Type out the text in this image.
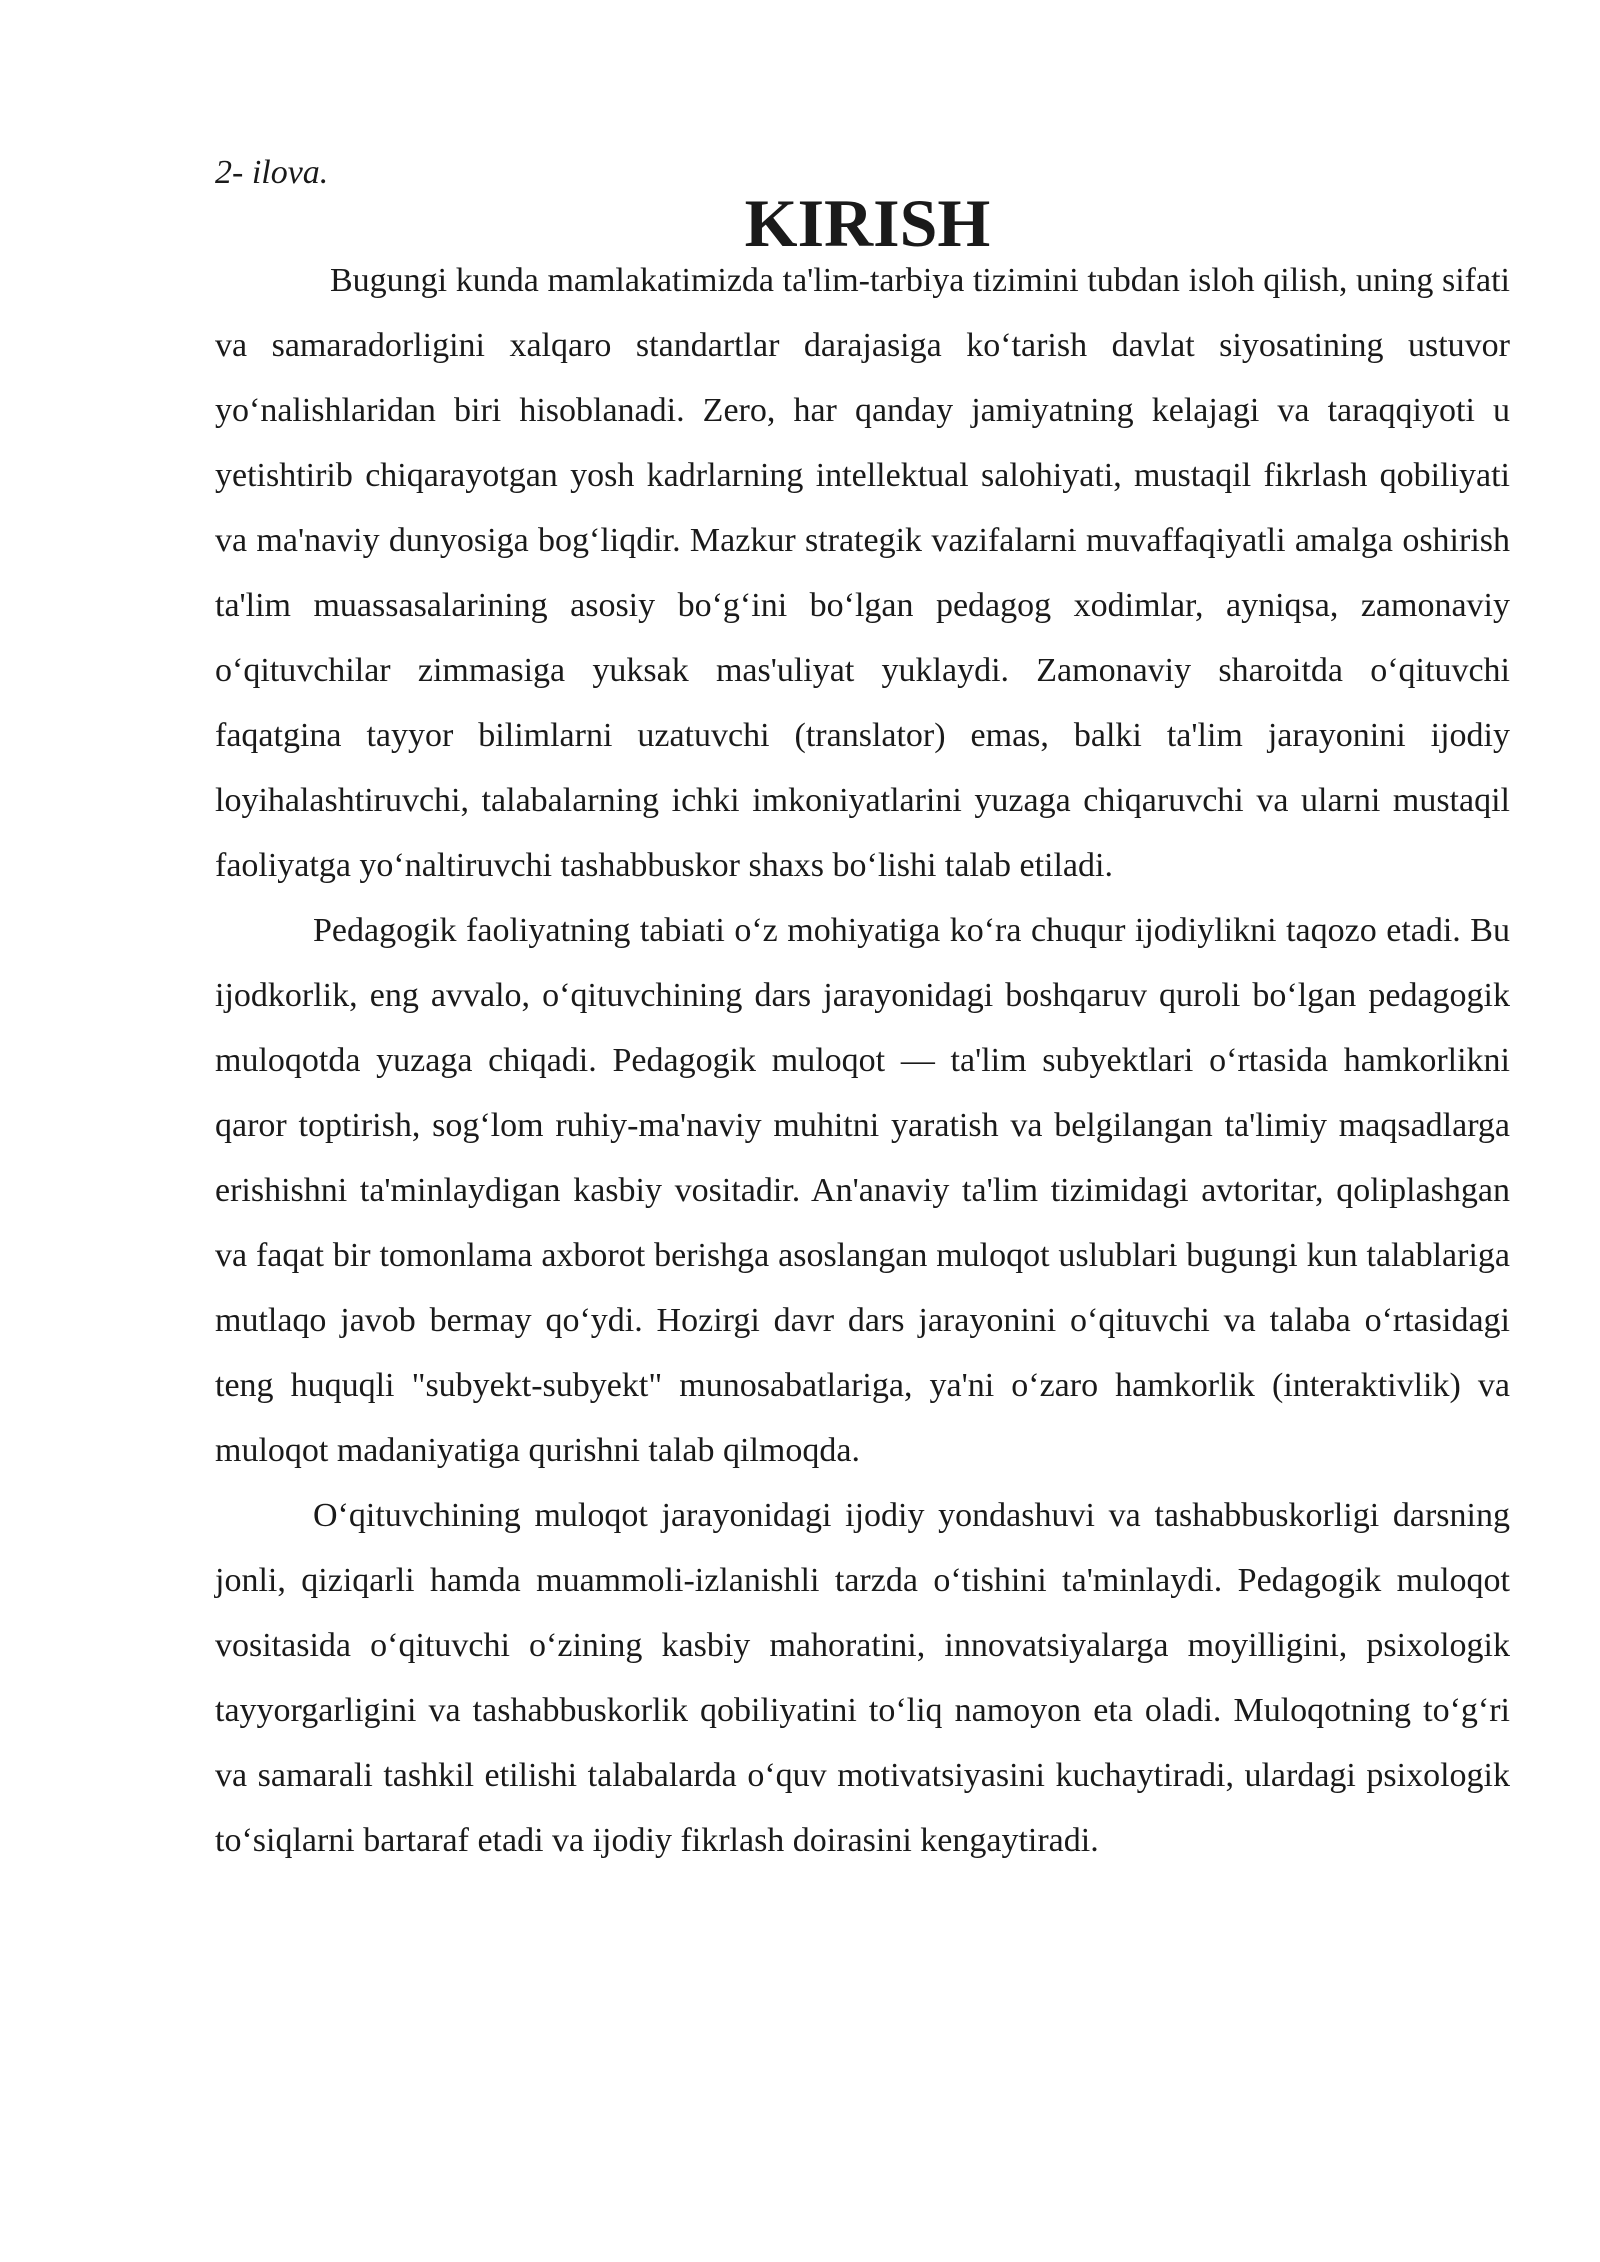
2- ilova.

KIRISH

Bugungi kunda mamlakatimizda ta'lim-tarbiya tizimini tubdan isloh qilish, uning sifati va samaradorligini xalqaro standartlar darajasiga koʻtarish davlat siyosatining ustuvor yoʻnalishlaridan biri hisoblanadi. Zero, har qanday jamiyatning kelajagi va taraqqiyoti u yetishtirib chiqarayotgan yosh kadrlarning intellektual salohiyati, mustaqil fikrlash qobiliyati va ma'naviy dunyosiga bogʻliqdir. Mazkur strategik vazifalarni muvaffaqiyatli amalga oshirish ta'lim muassasalarining asosiy boʻgʻini boʻlgan pedagog xodimlar, ayniqsa, zamonaviy oʻqituvchilar zimmasiga yuksak mas'uliyat yuklaydi. Zamonaviy sharoitda oʻqituvchi faqatgina tayyor bilimlarni uzatuvchi (translator) emas, balki ta'lim jarayonini ijodiy loyihalashtiruvchi, talabalarning ichki imkoniyatlarini yuzaga chiqaruvchi va ularni mustaqil faoliyatga yoʻnaltiruvchi tashabbuskor shaxs boʻlishi talab etiladi.

Pedagogik faoliyatning tabiati oʻz mohiyatiga koʻra chuqur ijodiylikni taqozo etadi. Bu ijodkorlik, eng avvalo, oʻqituvchining dars jarayonidagi boshqaruv quroli boʻlgan pedagogik muloqotda yuzaga chiqadi. Pedagogik muloqot — ta'lim subyektlari oʻrtasida hamkorlikni qaror toptirish, sogʻlom ruhiy-ma'naviy muhitni yaratish va belgilangan ta'limiy maqsadlarga erishishni ta'minlaydigan kasbiy vositadir. An'anaviy ta'lim tizimidagi avtoritar, qoliplashgan va faqat bir tomonlama axborot berishga asoslangan muloqot uslublari bugungi kun talablariga mutlaqo javob bermay qoʻydi. Hozirgi davr dars jarayonini oʻqituvchi va talaba oʻrtasidagi teng huquqli "subyekt-subyekt" munosabatlariga, ya'ni oʻzaro hamkorlik (interaktivlik) va muloqot madaniyatiga qurishni talab qilmoqda.

Oʻqituvchining muloqot jarayonidagi ijodiy yondashuvi va tashabbuskorligi darsning jonli, qiziqarli hamda muammoli-izlanishli tarzda oʻtishini ta'minlaydi. Pedagogik muloqot vositasida oʻqituvchi oʻzining kasbiy mahoratini, innovatsiyalarga moyilligini, psixologik tayyorgarligini va tashabbuskorlik qobiliyatini toʻliq namoyon eta oladi. Muloqotning toʻgʻri va samarali tashkil etilishi talabalarda oʻquv motivatsiyasini kuchaytiradi, ulardagi psixologik toʻsiqlarni bartaraf etadi va ijodiy fikrlash doirasini kengaytiradi.
